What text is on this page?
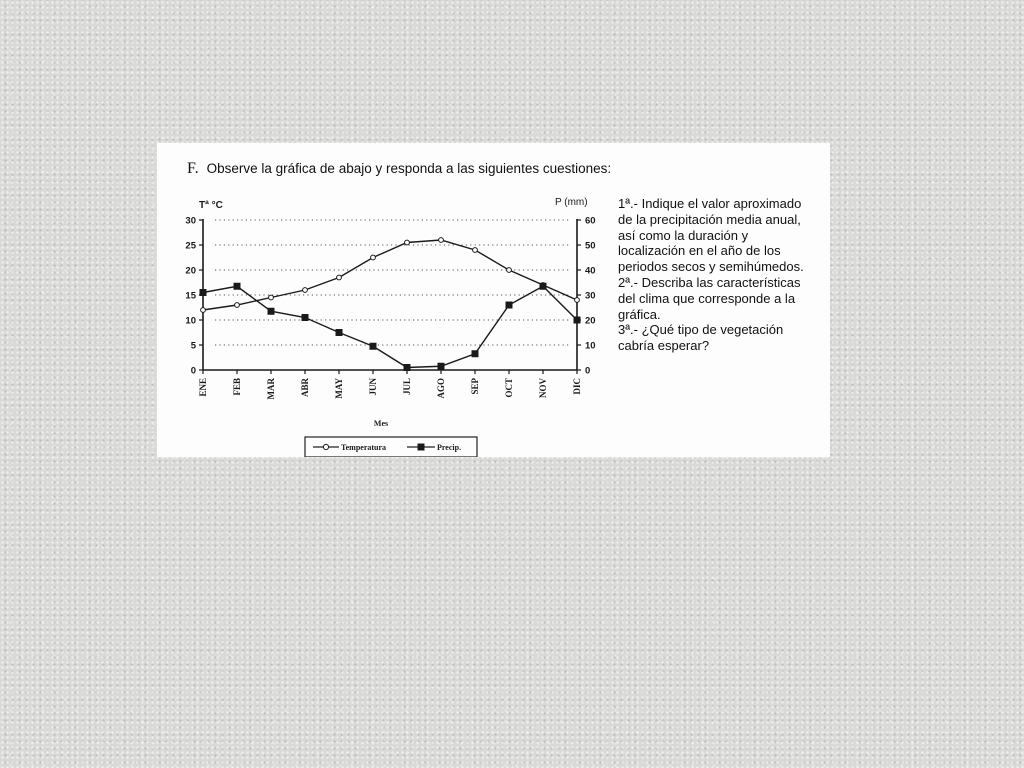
F. Observe la gráfica de abajo y responda a las siguientes cuestiones:
0
5
10
15
20
25
30
0
10
20
30
40
50
60
ENE	FEB	MAR	ABR	MAY	JUN	JUL	AGO	SEP	OCT	NOV	DIC
Tª °C	P (mm)
Mes
Temperatura	Precip.

1ª.- Indique el valor aproximado de la precipitación media anual, así como la duración y localización en el año de los periodos secos y semihúmedos.

2ª.- Describa las características del clima que corresponde a la gráfica.

3ª.- ¿Qué tipo de vegetación cabría esperar?
